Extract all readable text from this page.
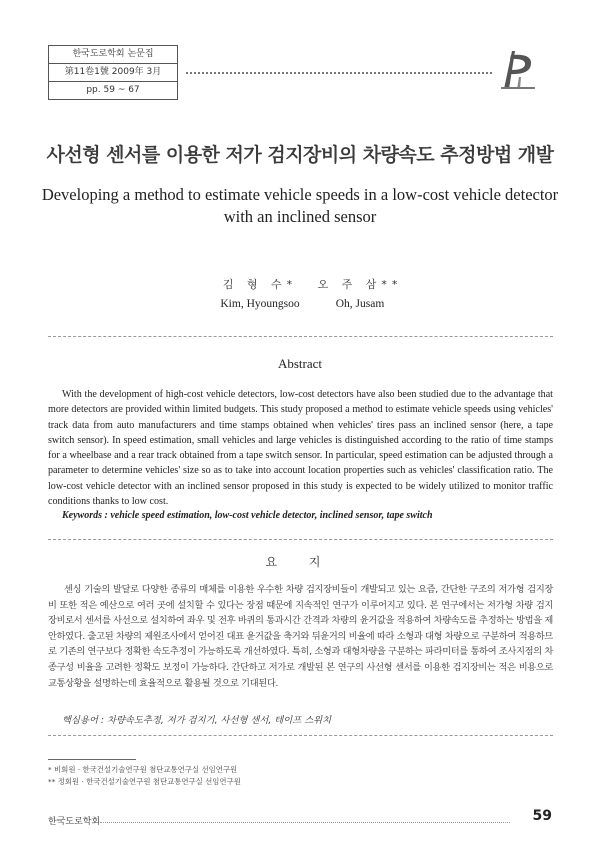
한국도로학회 논문집
第11卷1號 2009年 3月
pp. 59 ~ 67
사선형 센서를 이용한 저가 검지장비의 차량속도 추정방법 개발
Developing a method to estimate vehicle speeds in a low-cost vehicle detector
with an inclined sensor
김 형 수*
Kim, Hyoungsoo
오 주 삼**
Oh, Jusam
Abstract
With the development of high-cost vehicle detectors, low-cost detectors have also been studied due to the advantage that more detectors are provided within limited budgets. This study proposed a method to estimate vehicle speeds using vehicles' track data from auto manufacturers and time stamps obtained when vehicles' tires pass an inclined sensor (here, a tape switch sensor). In speed estimation, small vehicles and large vehicles is distinguished according to the ratio of time stamps for a wheelbase and a rear track obtained from a tape switch sensor. In particular, speed estimation can be adjusted through a parameter to determine vehicles' size so as to take into account location properties such as vehicles' classification ratio. The low-cost vehicle detector with an inclined sensor proposed in this study is expected to be widely utilized to monitor traffic conditions thanks to low cost.
Keywords : vehicle speed estimation, low-cost vehicle detector, inclined sensor, tape switch
요 지
센싱 기술의 발달로 다양한 종류의 매체를 이용한 우수한 차량 검지장비들이 개발되고 있는 요즘, 간단한 구조의 저가형 검지장비 또한 적은 예산으로 여러 곳에 설치할 수 있다는 장점 때문에 지속적인 연구가 이루어지고 있다. 본 연구에서는 저가형 차량 검지장비로서 센서를 사선으로 설치하여 좌우 및 전후 바퀴의 통과시간 간격과 차량의 윤거값을 적용하여 차량속도를 추정하는 방법을 제안하였다. 출고된 차량의 제원조사에서 얻어진 대표 윤거값을 축거와 뒤윤거의 비율에 따라 소형과 대형 차량으로 구분하여 적용하므로 기존의 연구보다 정확한 속도추정이 가능하도록 개선하였다. 특히, 소형과 대형차량을 구분하는 파라미터를 통하여 조사지점의 차종구성 비율을 고려한 정확도 보정이 가능하다. 간단하고 저가로 개발된 본 연구의 사선형 센서를 이용한 검지장비는 적은 비용으로 교통상황을 설명하는데 효율적으로 활용될 것으로 기대된다.
핵심용어 : 차량속도추정, 저가 검지기, 사선형 센서, 테이프 스위치
* 비회원 · 한국건설기술연구원 첨단교통연구실 선임연구원
** 정회원 · 한국건설기술연구원 첨단교통연구실 선임연구원
한국도로학회	59
